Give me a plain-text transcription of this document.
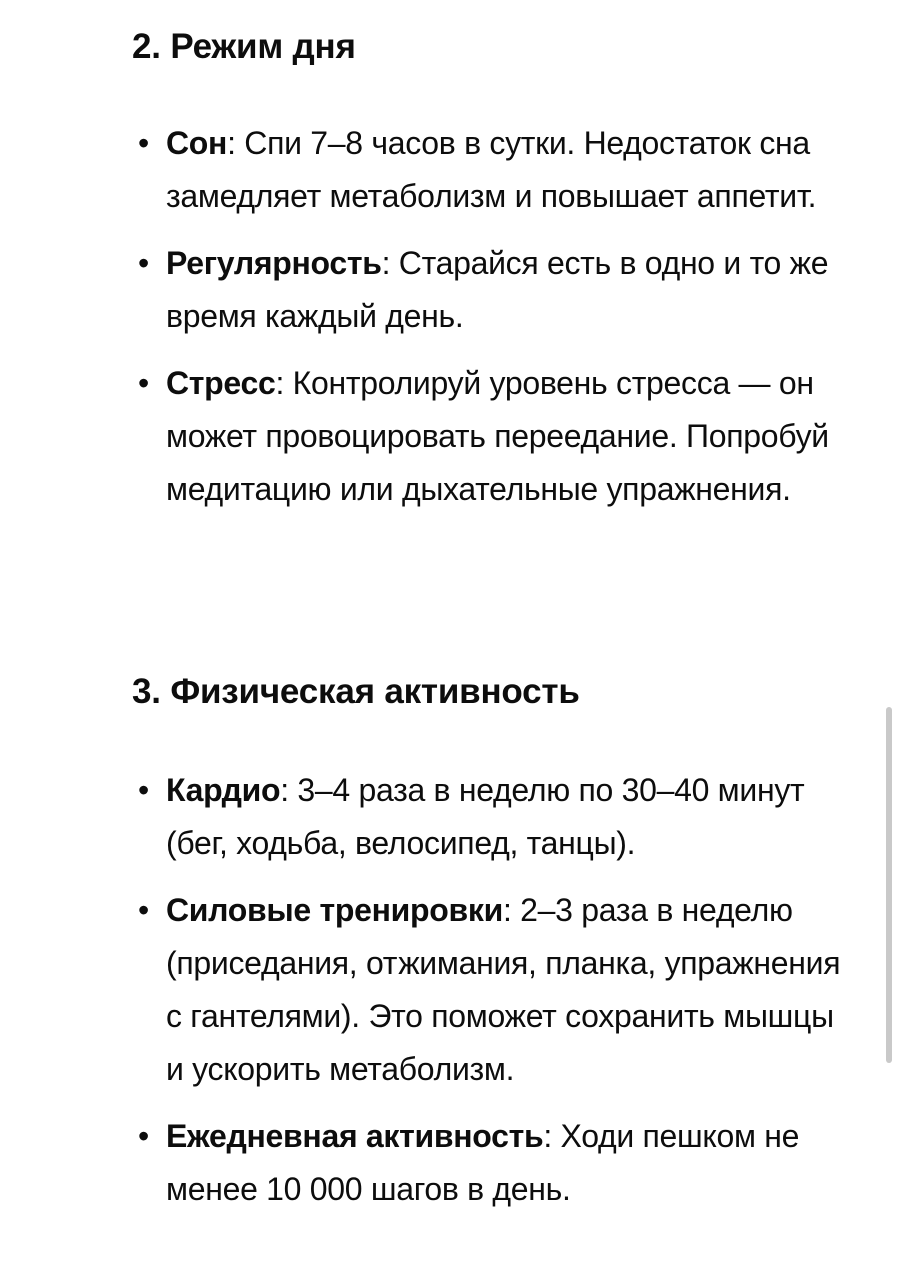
2. Режим дня
• Сон: Спи 7–8 часов в сутки. Недостаток сна замедляет метаболизм и повышает аппетит.
• Регулярность: Старайся есть в одно и то же время каждый день.
• Стресс: Контролируй уровень стресса — он может провоцировать переедание. Попробуй медитацию или дыхательные упражнения.
3. Физическая активность
• Кардио: 3–4 раза в неделю по 30–40 минут (бег, ходьба, велосипед, танцы).
• Силовые тренировки: 2–3 раза в неделю (приседания, отжимания, планка, упражнения с гантелями). Это поможет сохранить мышцы и ускорить метаболизм.
• Ежедневная активность: Ходи пешком не менее 10 000 шагов в день.
